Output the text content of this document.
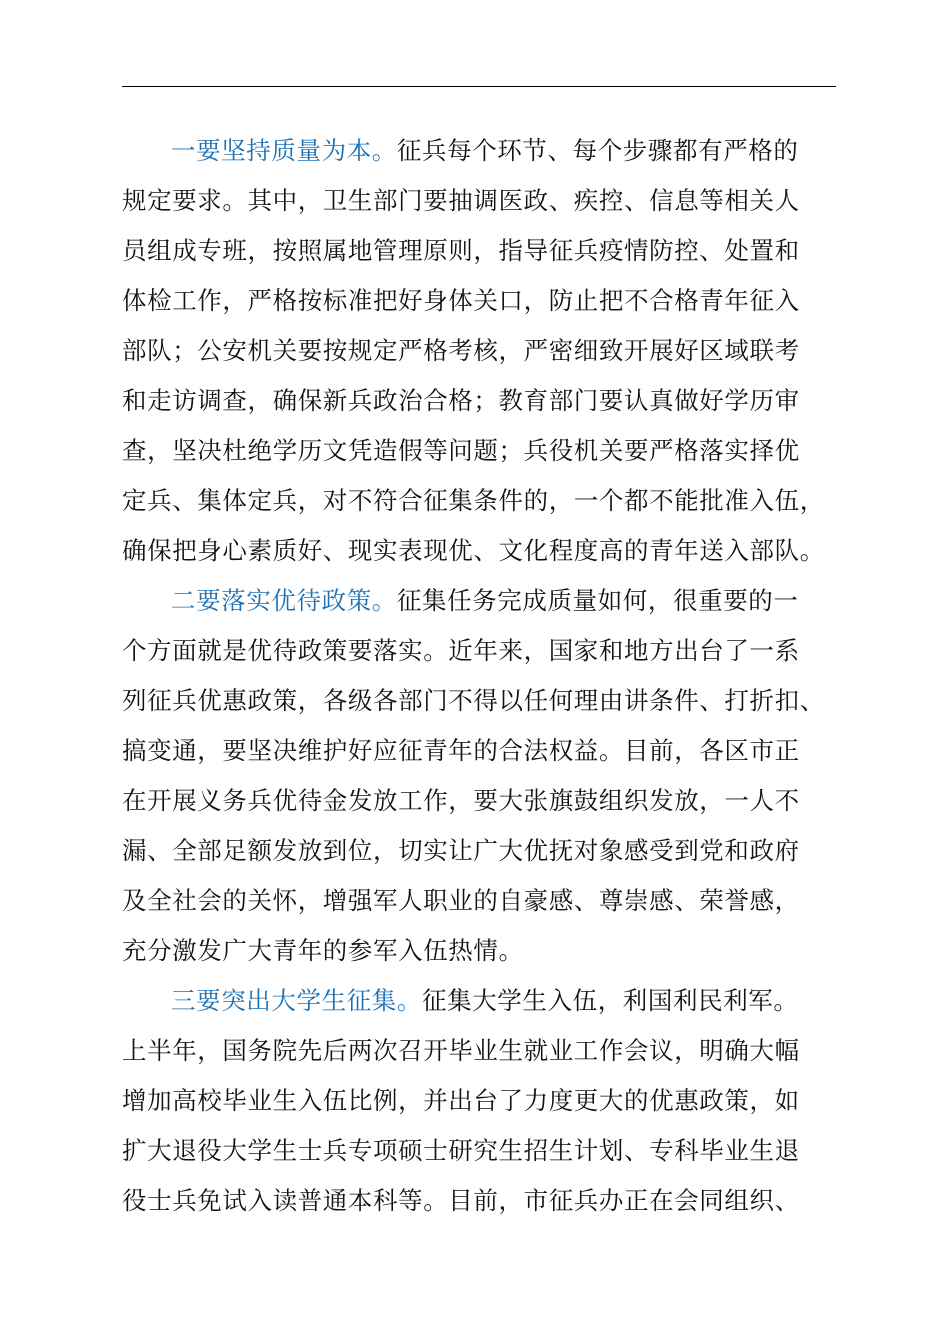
一要坚持质量为本。征兵每个环节、每个步骤都有严格的
规定要求。其中，卫生部门要抽调医政、疾控、信息等相关人
员组成专班，按照属地管理原则，指导征兵疫情防控、处置和
体检工作，严格按标准把好身体关口，防止把不合格青年征入
部队；公安机关要按规定严格考核，严密细致开展好区域联考
和走访调查，确保新兵政治合格；教育部门要认真做好学历审
查，坚决杜绝学历文凭造假等问题；兵役机关要严格落实择优
定兵、集体定兵，对不符合征集条件的，一个都不能批准入伍，
确保把身心素质好、现实表现优、文化程度高的青年送入部队。
二要落实优待政策。征集任务完成质量如何，很重要的一
个方面就是优待政策要落实。近年来，国家和地方出台了一系
列征兵优惠政策，各级各部门不得以任何理由讲条件、打折扣、
搞变通，要坚决维护好应征青年的合法权益。目前，各区市正
在开展义务兵优待金发放工作，要大张旗鼓组织发放，一人不
漏、全部足额发放到位，切实让广大优抚对象感受到党和政府
及全社会的关怀，增强军人职业的自豪感、尊崇感、荣誉感，
充分激发广大青年的参军入伍热情。
三要突出大学生征集。征集大学生入伍，利国利民利军。
上半年，国务院先后两次召开毕业生就业工作会议，明确大幅
增加高校毕业生入伍比例，并出台了力度更大的优惠政策，如
扩大退役大学生士兵专项硕士研究生招生计划、专科毕业生退
役士兵免试入读普通本科等。目前，市征兵办正在会同组织、
